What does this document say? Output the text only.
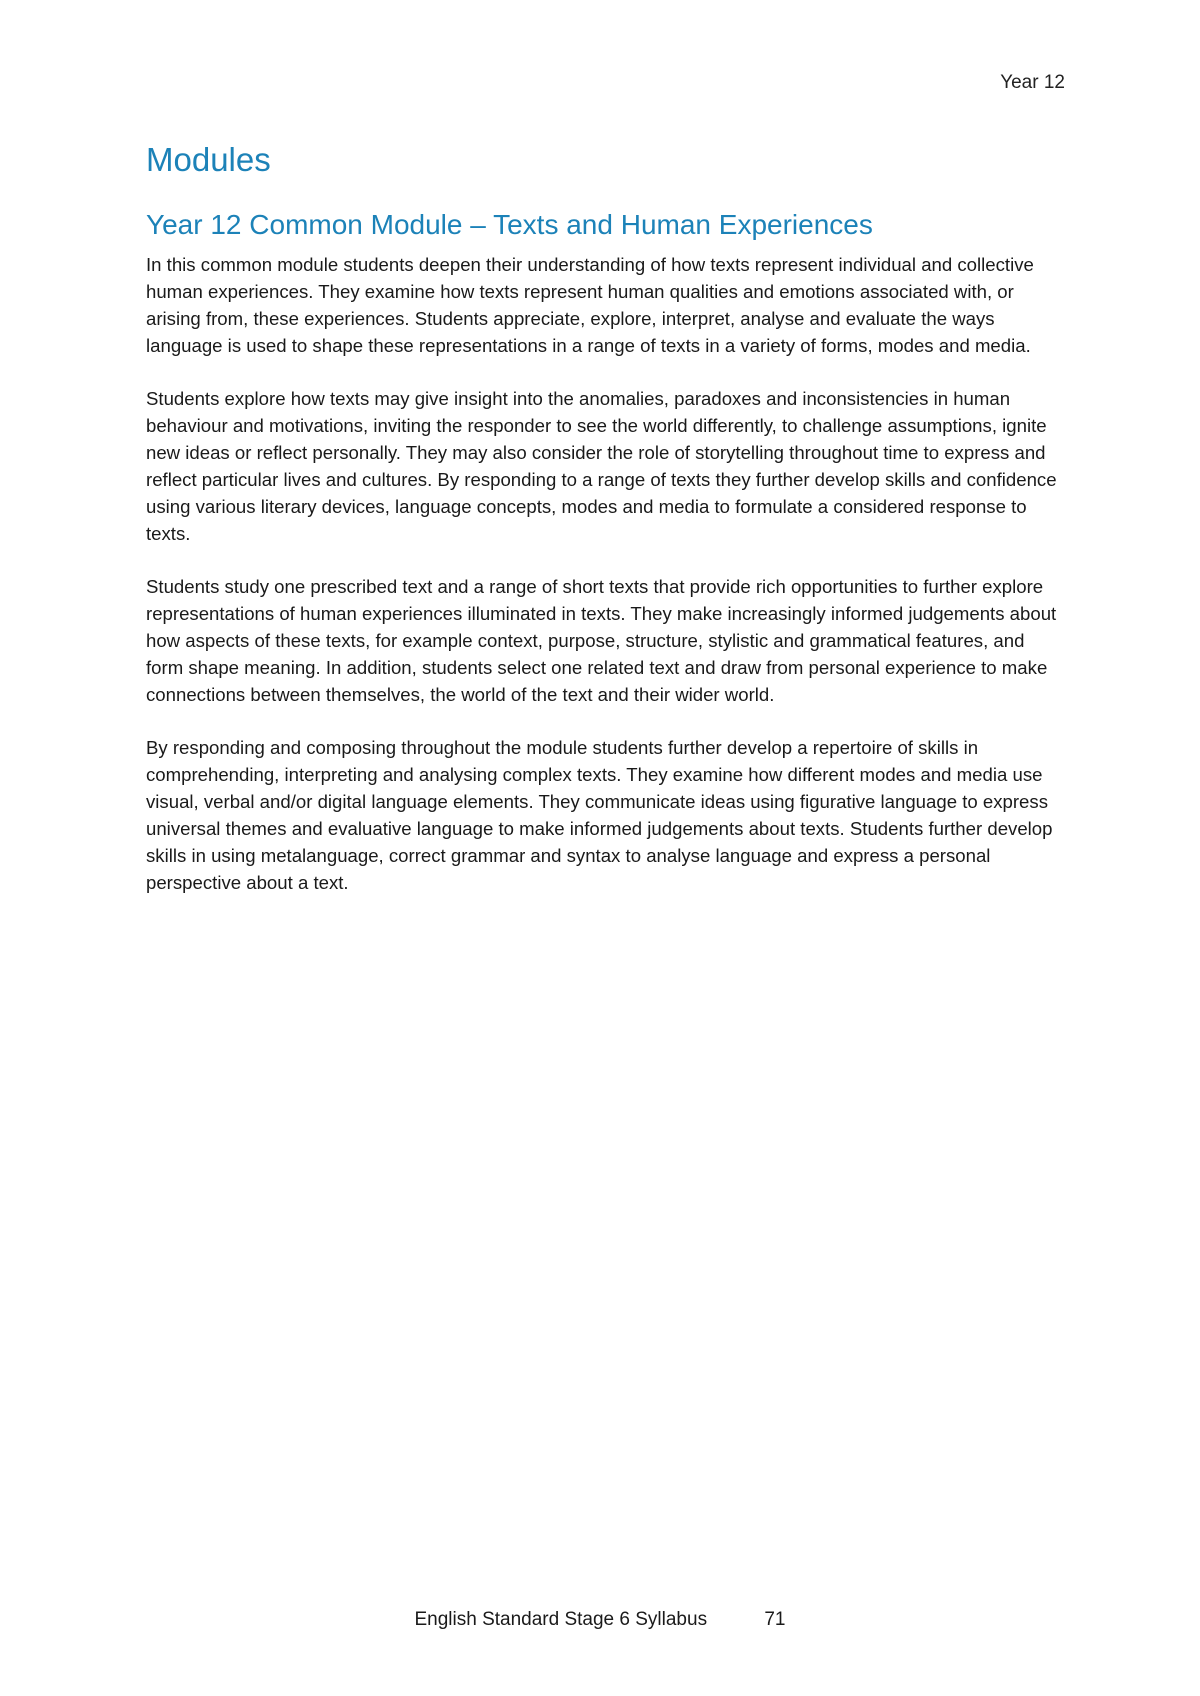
Year 12
Modules
Year 12 Common Module – Texts and Human Experiences

In this common module students deepen their understanding of how texts represent individual and collective human experiences. They examine how texts represent human qualities and emotions associated with, or arising from, these experiences. Students appreciate, explore, interpret, analyse and evaluate the ways language is used to shape these representations in a range of texts in a variety of forms, modes and media.

Students explore how texts may give insight into the anomalies, paradoxes and inconsistencies in human behaviour and motivations, inviting the responder to see the world differently, to challenge assumptions, ignite new ideas or reflect personally. They may also consider the role of storytelling throughout time to express and reflect particular lives and cultures. By responding to a range of texts they further develop skills and confidence using various literary devices, language concepts, modes and media to formulate a considered response to texts.

Students study one prescribed text and a range of short texts that provide rich opportunities to further explore representations of human experiences illuminated in texts. They make increasingly informed judgements about how aspects of these texts, for example context, purpose, structure, stylistic and grammatical features, and form shape meaning. In addition, students select one related text and draw from personal experience to make connections between themselves, the world of the text and their wider world.

By responding and composing throughout the module students further develop a repertoire of skills in comprehending, interpreting and analysing complex texts. They examine how different modes and media use visual, verbal and/or digital language elements. They communicate ideas using figurative language to express universal themes and evaluative language to make informed judgements about texts. Students further develop skills in using metalanguage, correct grammar and syntax to analyse language and express a personal perspective about a text.

English Standard Stage 6 Syllabus	71
